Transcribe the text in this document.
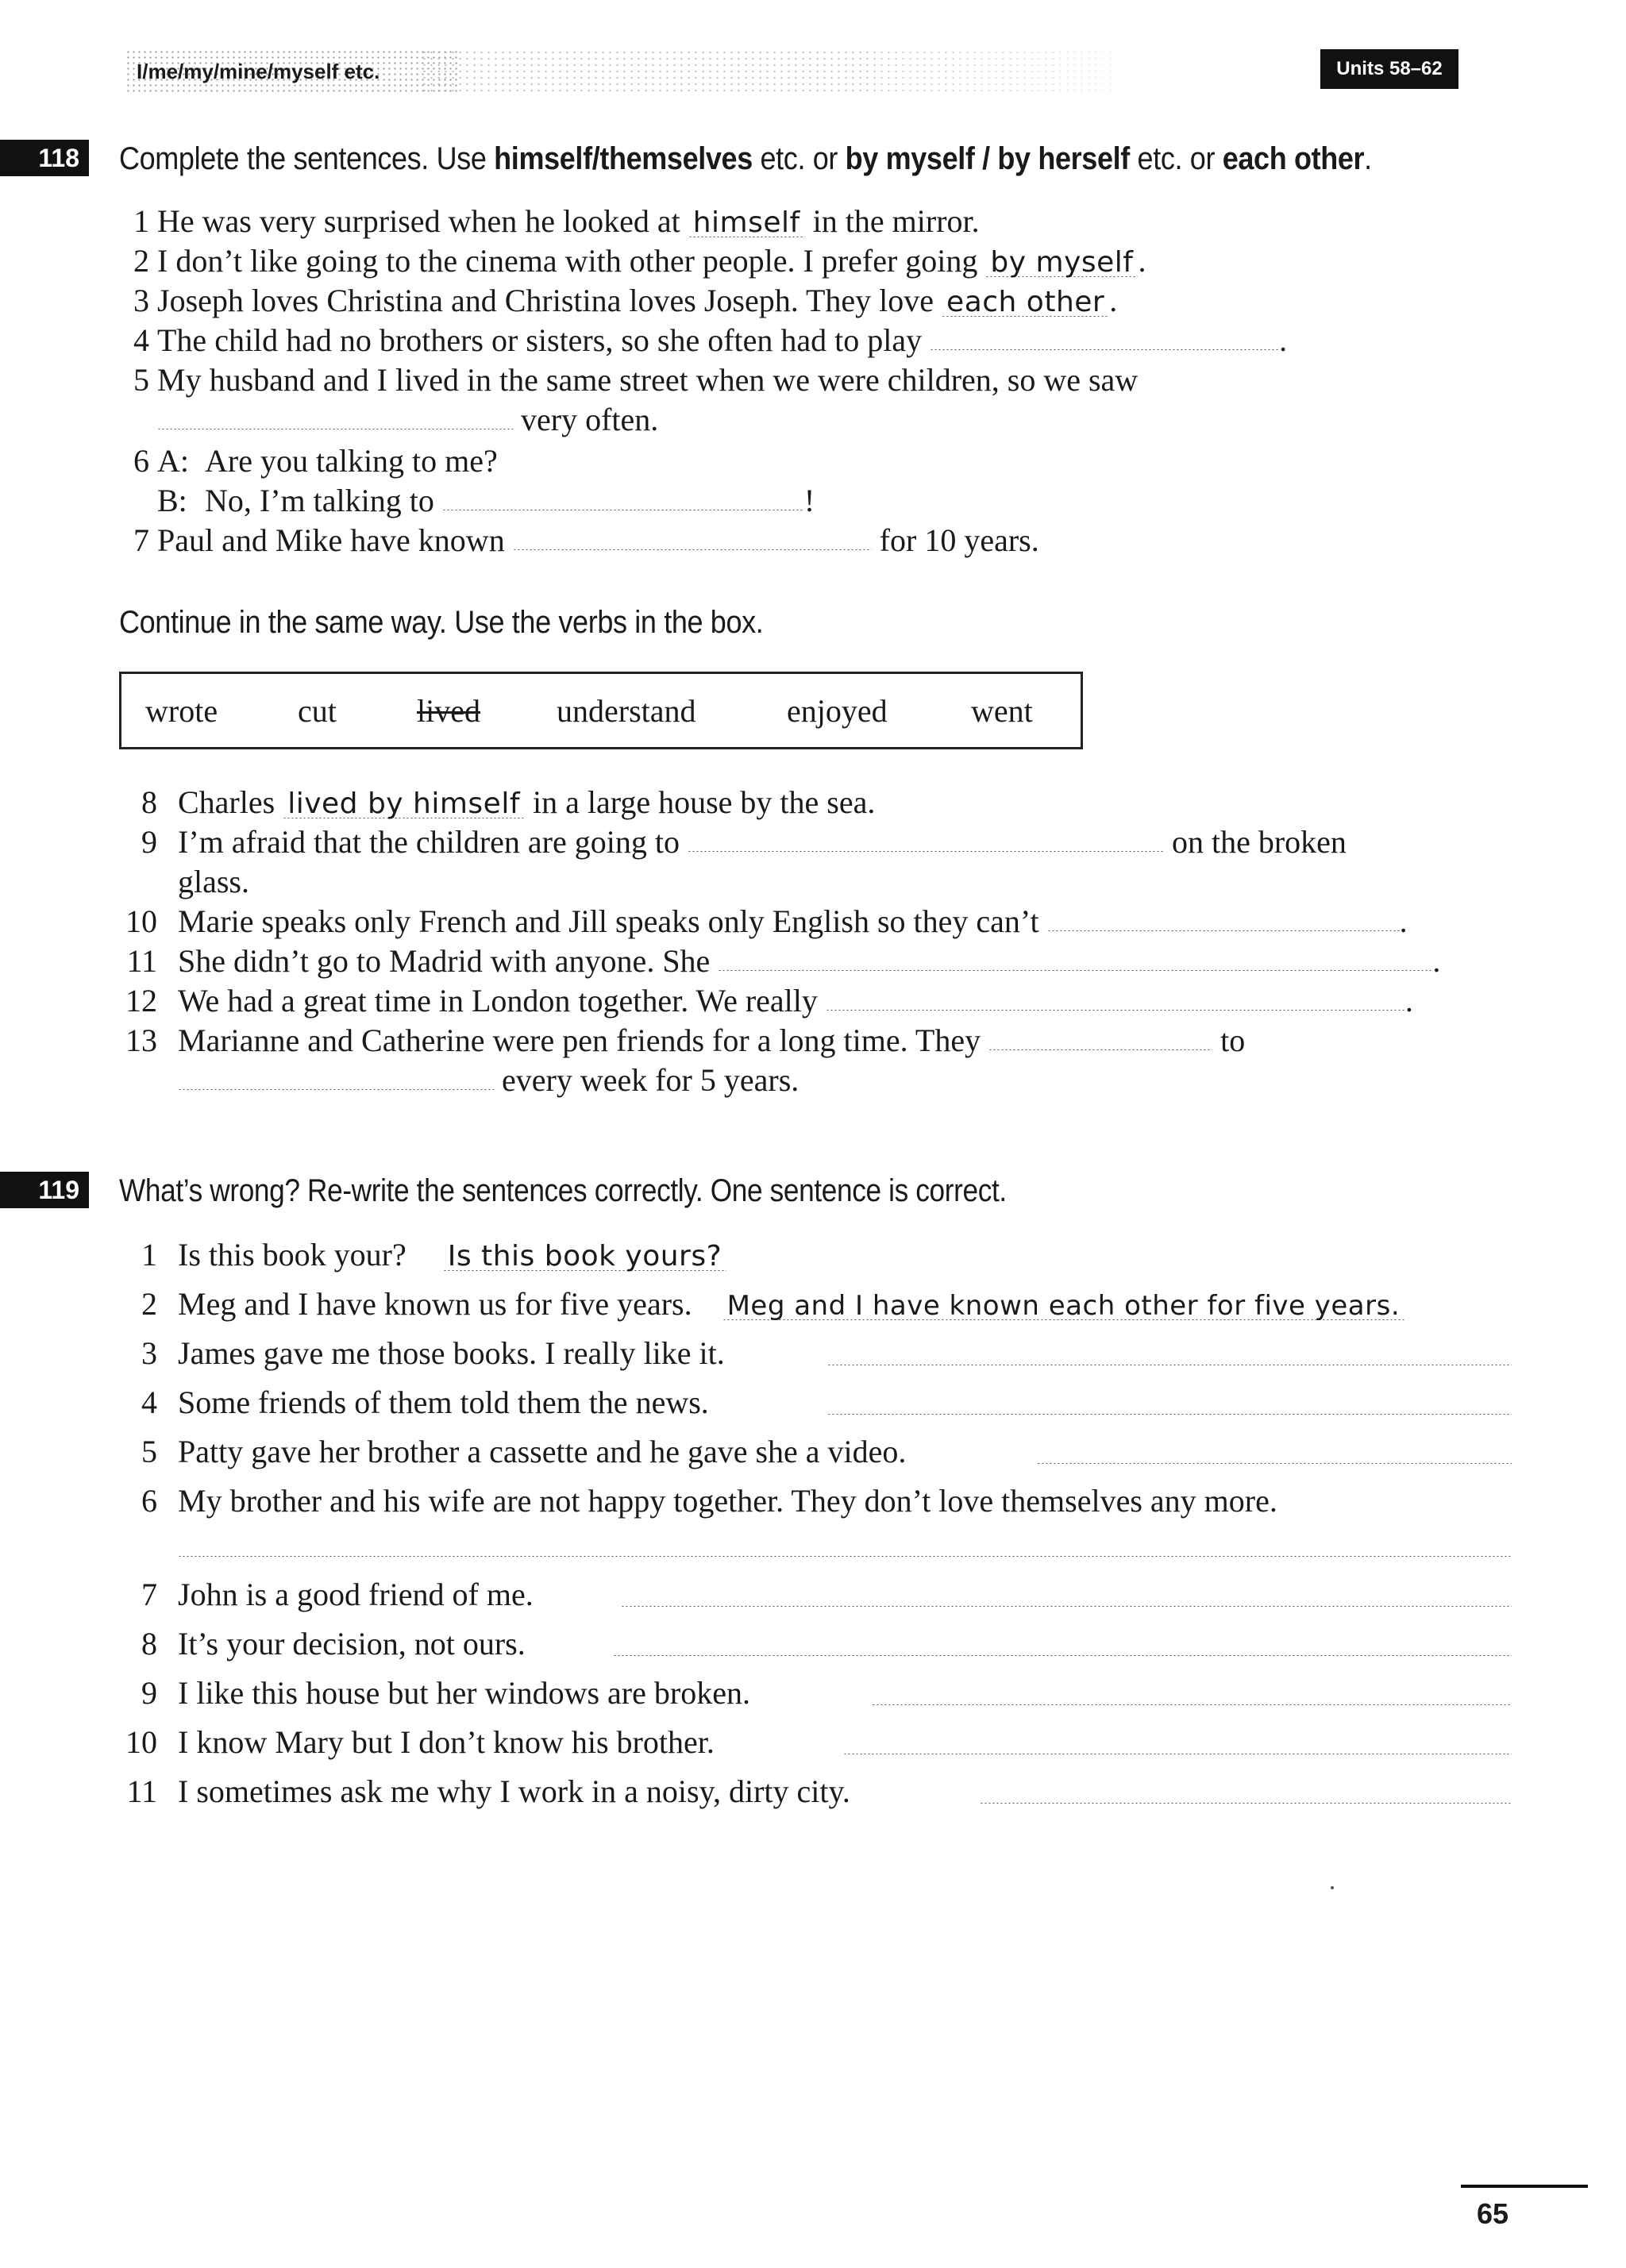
I/me/my/mine/myself etc.	Units 58–62
118	Complete the sentences. Use himself/themselves etc. or by myself / by herself etc. or each other.
1 He was very surprised when he looked at himself in the mirror.
2 I don’t like going to the cinema with other people. I prefer going by myself .
3 Joseph loves Christina and Christina loves Joseph. They love each other .
4 The child had no brothers or sisters, so she often had to play	.
5 My husband and I lived in the same street when we were children, so we saw
very often.
6 A: Are you talking to me?
B: No, I’m talking to	!
7 Paul and Mike have known	for 10 years.
Continue in the same way. Use the verbs in the box.
wrote	cut	lived understand	enjoyed	went
8 Charles lived by himself in a large house by the sea.
9 I’m afraid that the children are going to	on the broken
glass.
10 Marie speaks only French and Jill speaks only English so they can’t	.
11 She didn’t go to Madrid with anyone. She	.
12 We had a great time in London together. We really	.
13 Marianne and Catherine were pen friends for a long time. They	to
every week for 5 years.
119	What’s wrong? Re-write the sentences correctly. One sentence is correct.
1 Is this book your? Is this book yours?
2 Meg and I have known us for five years. Meg and I have known each other for five years.
3 James gave me those books. I really like it.
4 Some friends of them told them the news.
5 Patty gave her brother a cassette and he gave she a video.
6 My brother and his wife are not happy together. They don’t love themselves any more.
7 John is a good friend of me.
8 It’s your decision, not ours.
9 I like this house but her windows are broken.
10 I know Mary but I don’t know his brother.
11 I sometimes ask me why I work in a noisy, dirty city.
65
